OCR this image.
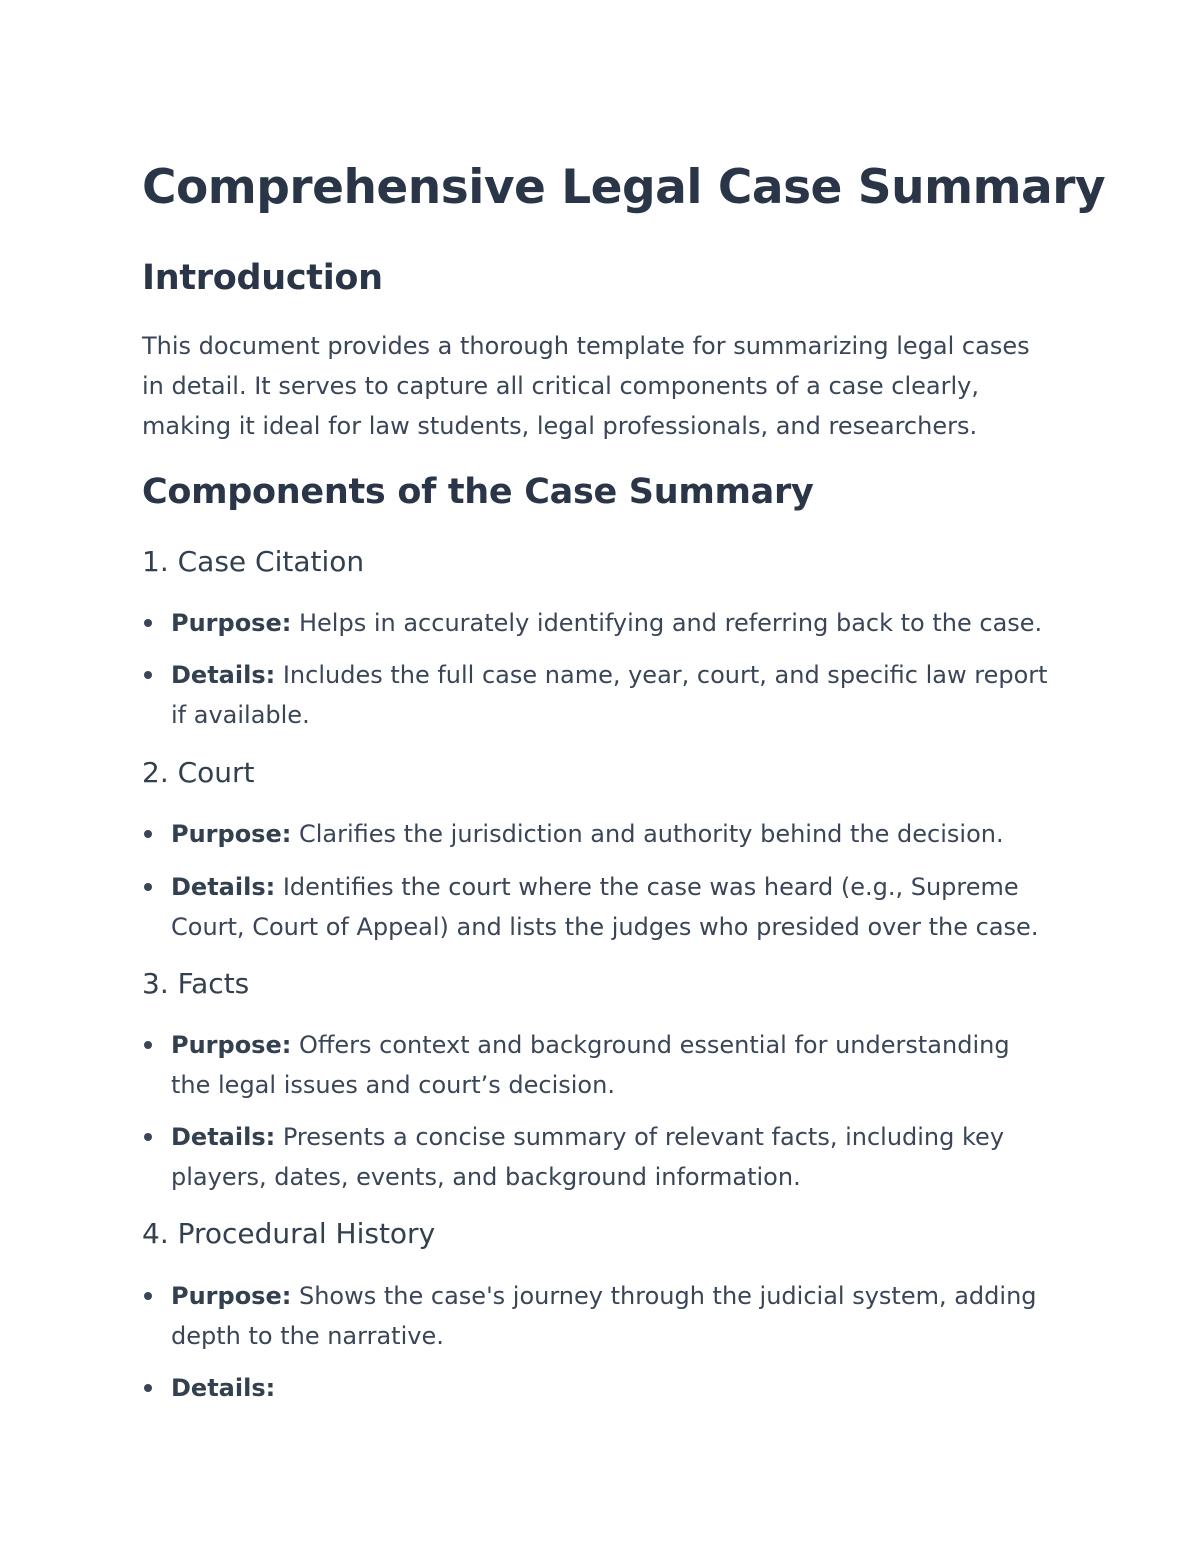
Comprehensive Legal Case Summary
Introduction

This document provides a thorough template for summarizing legal cases
in detail. It serves to capture all critical components of a case clearly,
making it ideal for law students, legal professionals, and researchers.

Components of the Case Summary
1. Case Citation
Purpose: Helps in accurately identifying and referring back to the case.
Details: Includes the full case name, year, court, and specific law report
if available.
2. Court
Purpose: Clarifies the jurisdiction and authority behind the decision.
Details: Identifies the court where the case was heard (e.g., Supreme
Court, Court of Appeal) and lists the judges who presided over the case.
3. Facts
Purpose: Offers context and background essential for understanding
the legal issues and court’s decision.
Details: Presents a concise summary of relevant facts, including key
players, dates, events, and background information.
4. Procedural History
Purpose: Shows the case's journey through the judicial system, adding
depth to the narrative.
Details:
